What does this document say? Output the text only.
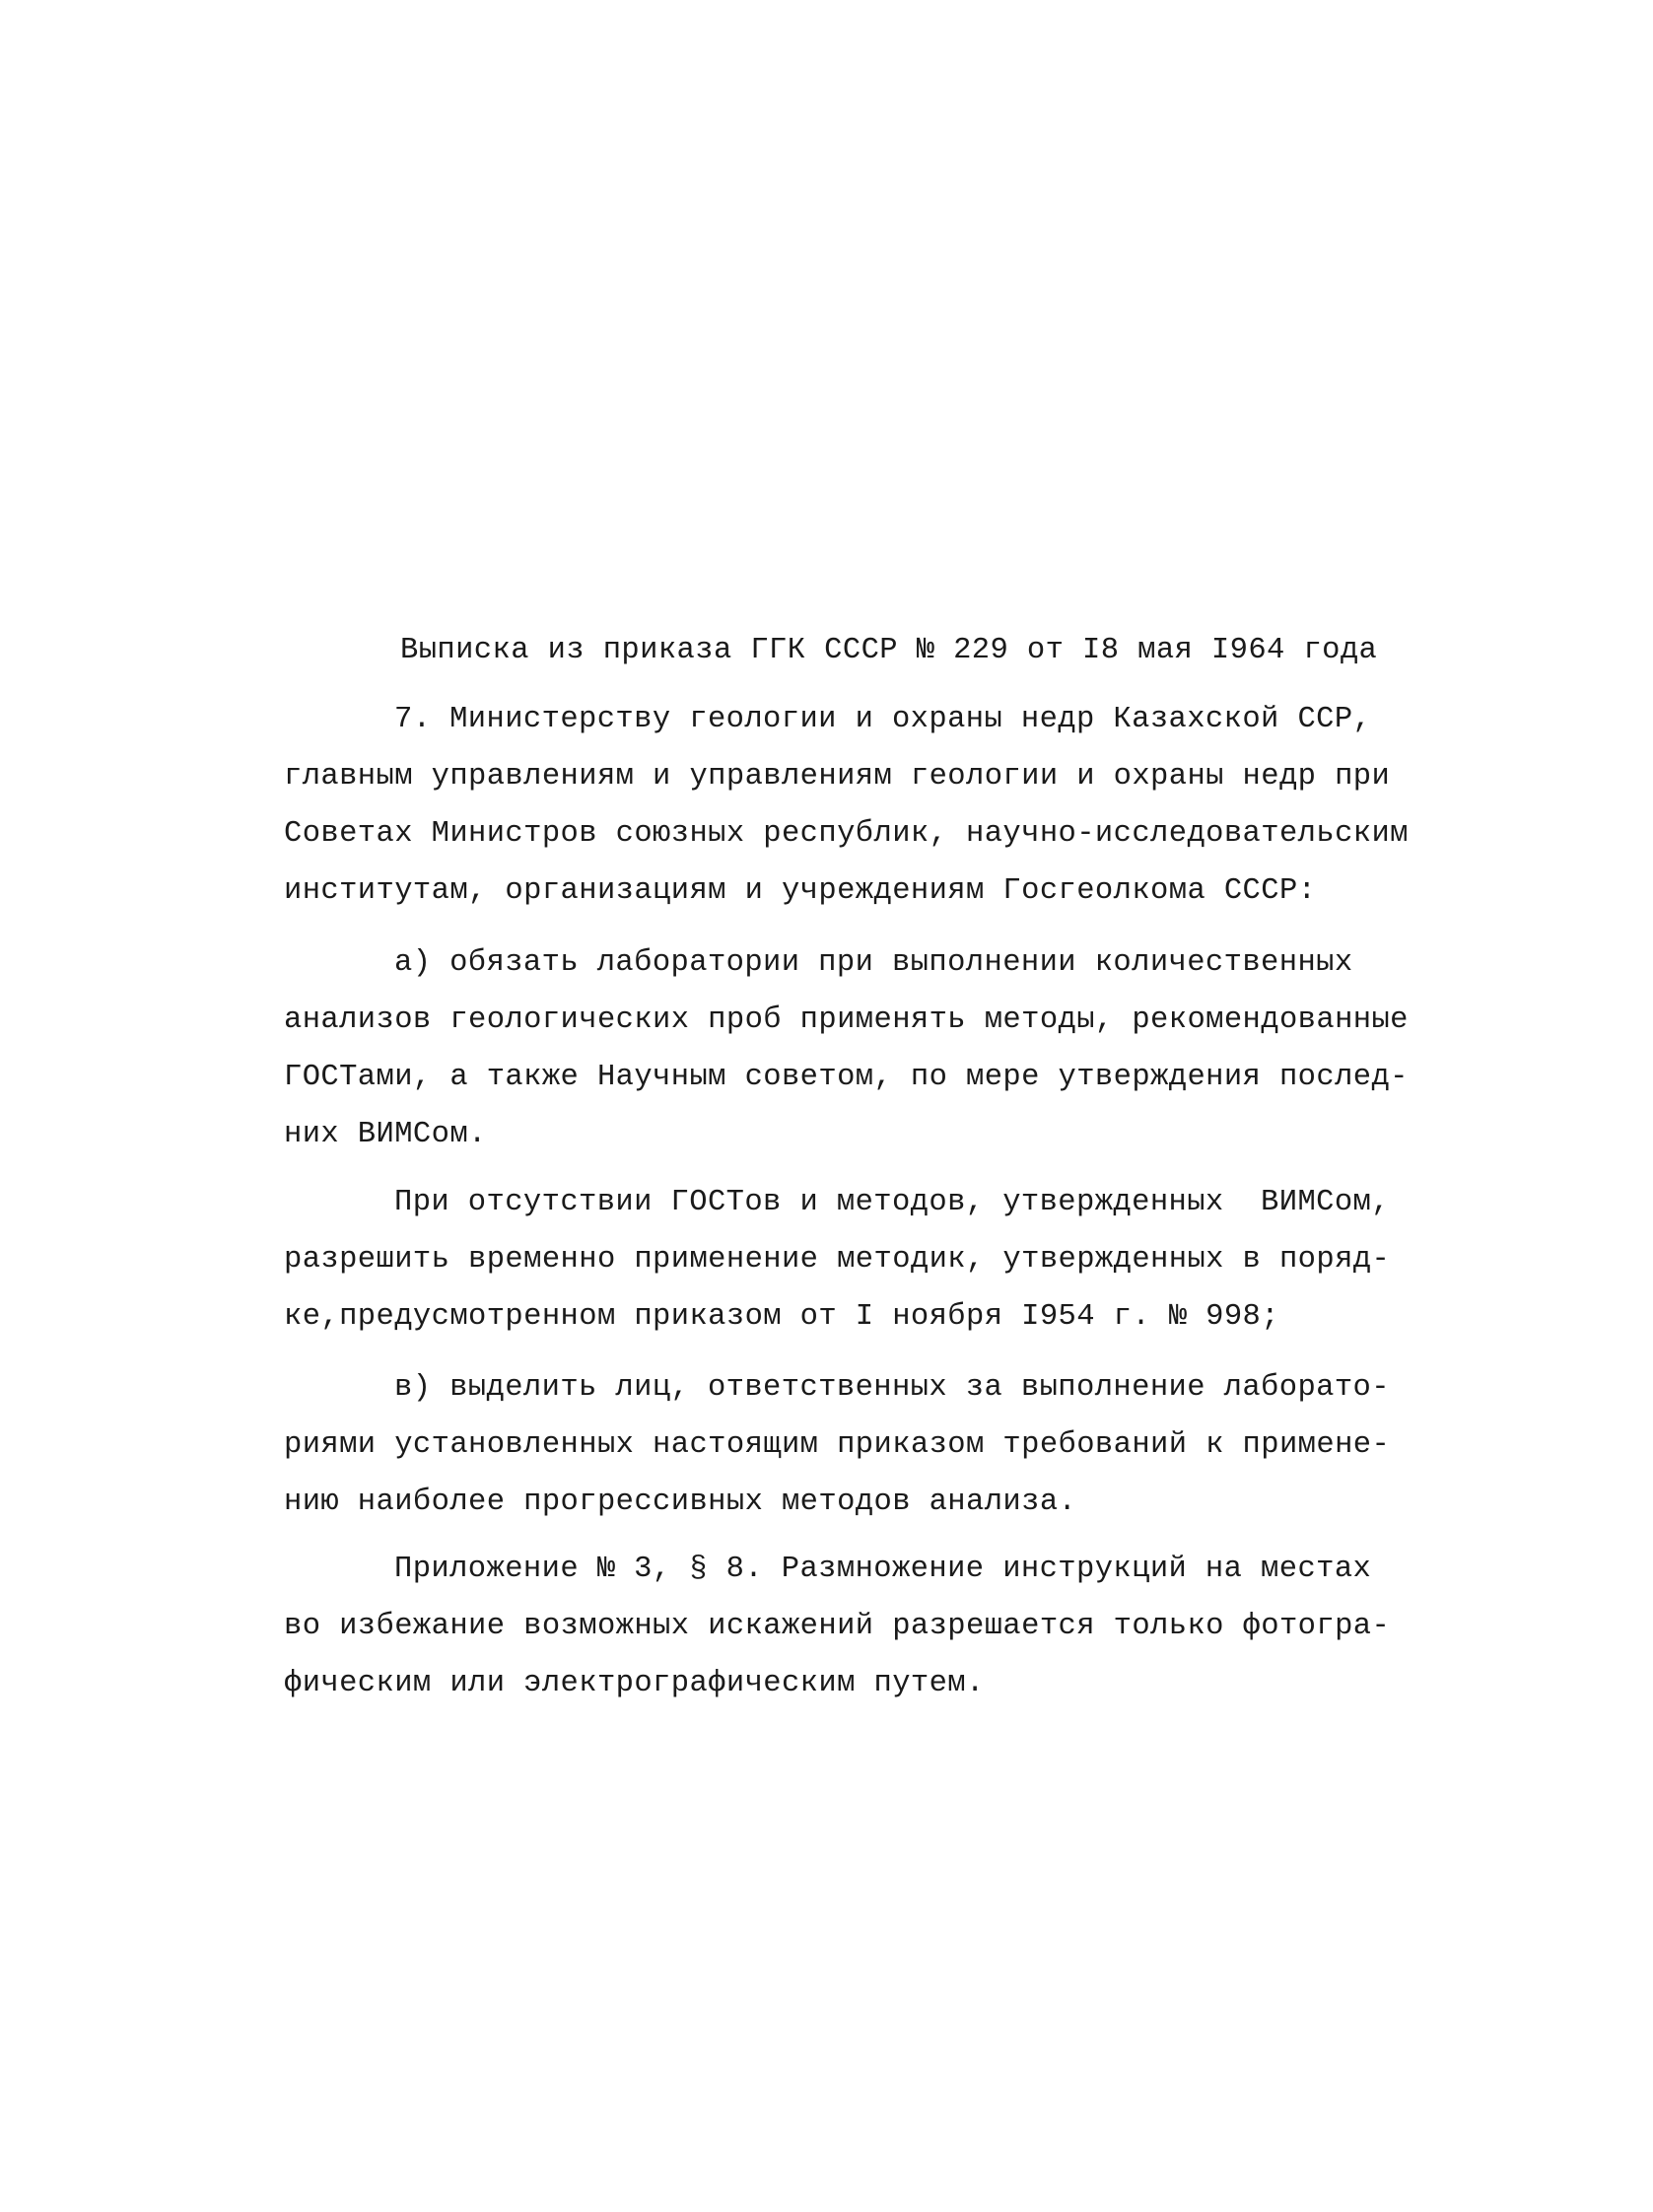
Выписка из приказа ГГК СССР № 229 от I8 мая I964 года
7. Министерству геологии и охраны недр Казахской ССР,
главным управлениям и управлениям геологии и охраны недр при
Советах Министров союзных республик, научно-исследовательским
институтам, организациям и учреждениям Госгеолкома СССР:
а) обязать лаборатории при выполнении количественных
анализов геологических проб применять методы, рекомендованные
ГОСТами, а также Научным советом, по мере утверждения послед-
них ВИМСом.
При отсутствии ГОСТов и методов, утвержденных  ВИМСом,
разрешить временно применение методик, утвержденных в поряд-
ке,предусмотренном приказом от I ноября I954 г. № 998;
в) выделить лиц, ответственных за выполнение лаборато-
риями установленных настоящим приказом требований к примене-
нию наиболее прогрессивных методов анализа.
Приложение № 3, § 8. Размножение инструкций на местах
во избежание возможных искажений разрешается только фотогра-
фическим или электрографическим путем.
